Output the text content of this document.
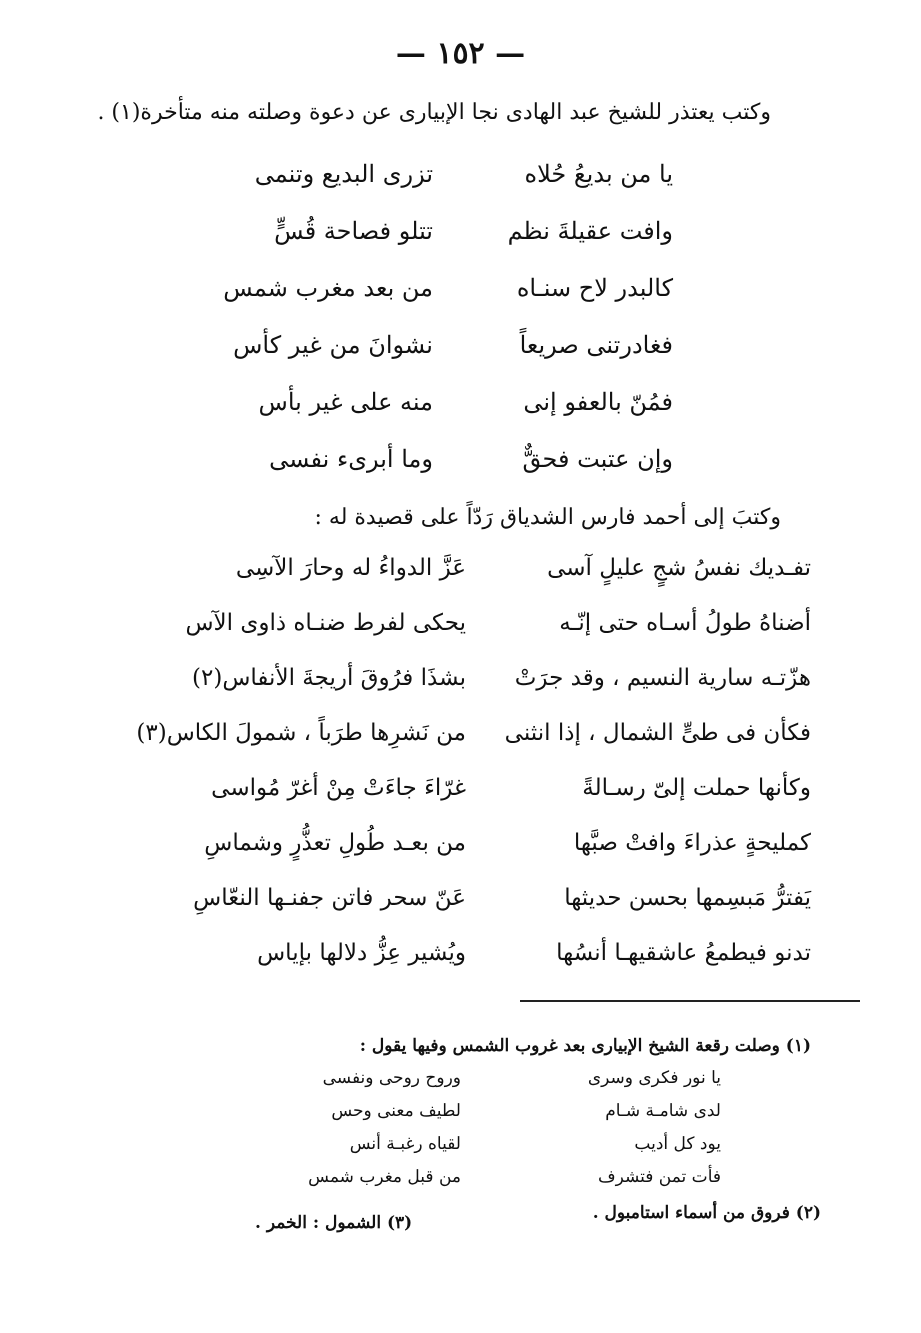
— ١٥٢ —
وكتب يعتذر للشيخ عبد الهادى نجا الإبيارى عن دعوة وصلته منه متأخرة(١) .
يا من بديعُ حُلاه
تزرى البديع وتنمى
وافت عقيلةَ نظم
تتلو فصاحة قُسٍّ
كالبدر لاح سنـاه
من بعد مغرب شمس
فغادرتنى صريعاً
نشوانَ من غير كأس
فمُنّ بالعفو إنى
منه على غير بأس
وإن عتبت فحقٌّ
وما أبرىء نفسى
وكتبَ إلى أحمد فارس الشدياق رَدّاً على قصيدة له :
تفـديك نفسُ شجٍ عليلٍ آسى
عَزَّ الدواءُ له وحارَ الآسِى
أضناهُ طولُ أسـاه حتى إنّـه
يحكى لفرط ضنـاه ذاوى الآس
هزّتـه سارية النسيم ، وقد جرَتْ
بشذَا فرُوقَ أريجةَ الأنفاس(٢)
فكأن فى طىٍّ الشمال ، إذا انثنى
من نَشرِها طرَباً ، شمولَ الكاس(٣)
وكأنها حملت إلىّ رسـالةً
غرّاءَ جاءَتْ مِنْ أغرّ مُواسى
كمليحةٍ عذراءَ وافتْ صبَّها
من بعـد طُولِ تعذُّرٍ وشماسِ
يَفترُّ مَبسِمها بحسن حديثها
عَنّ سحر فاتن جفنـها النعّاسِ
تدنو فيطمعُ عاشقيهـا أنسُها
ويُشير عِزُّ دلالها بإياس
(١) وصلت رقعة الشيخ الإبيارى بعد غروب الشمس وفيها يقول :
يا نور فكرى وسرى
وروح روحى ونفسى
لدى شامـة شـام
لطيف معنى وحس
يود كل أديب
لقياه رغبـة أنس
فأت تمن فتشرف
من قبل مغرب شمس
(٢) فروق من أسماء استامبول .
(٣) الشمول : الخمر .
